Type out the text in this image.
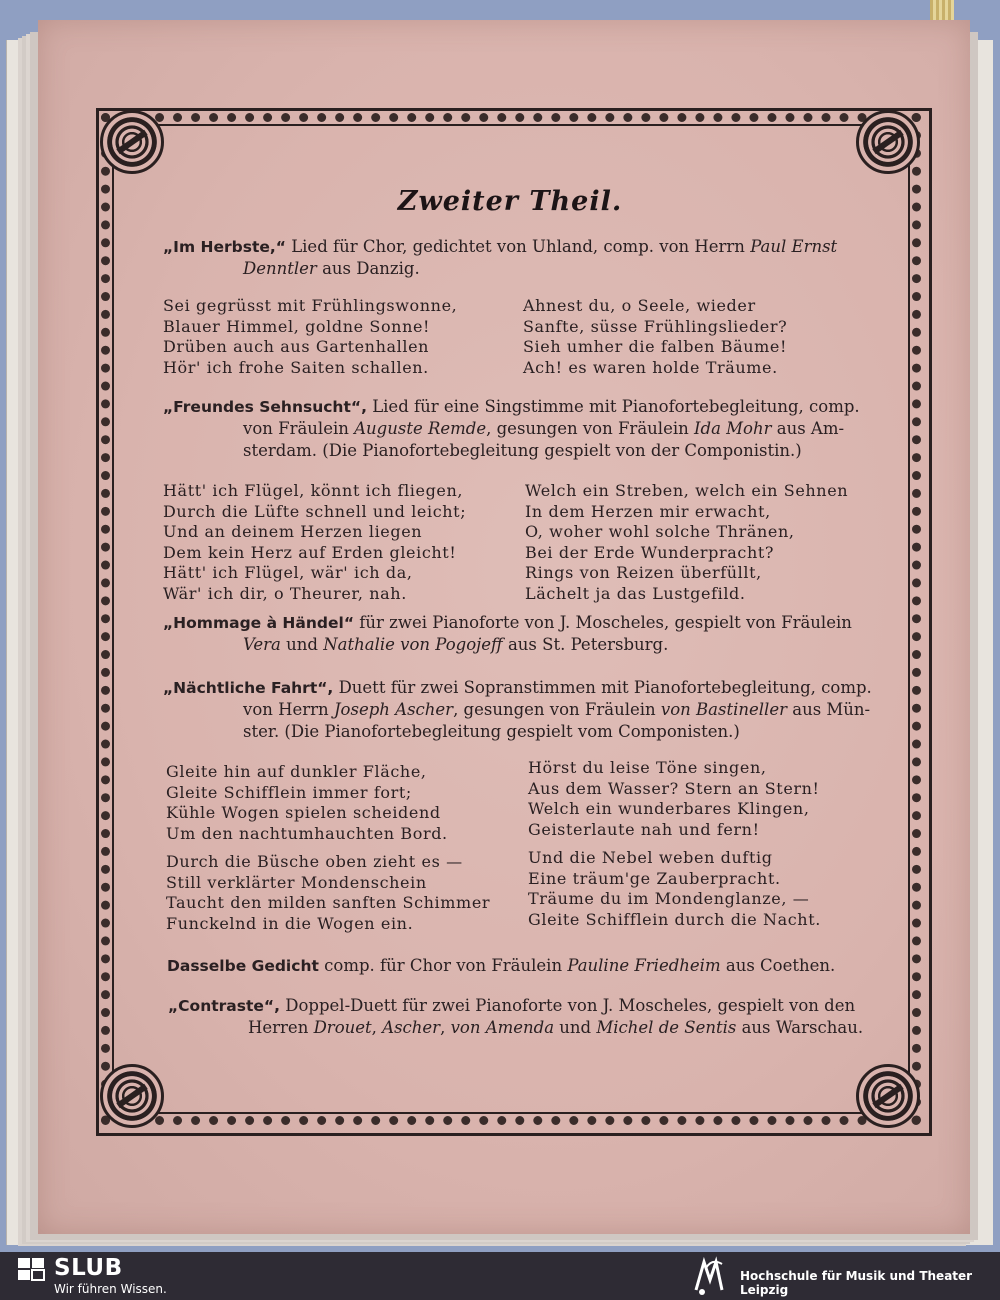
Zweiter Theil.
„Im Herbste,“ Lied für Chor, gedichtet von Uhland, comp. von Herrn Paul Ernst
Denntler aus Danzig.
Sei gegrüsst mit Frühlingswonne,
Blauer Himmel, goldne Sonne!
Drüben auch aus Gartenhallen
Hör' ich frohe Saiten schallen.
Ahnest du, o Seele, wieder
Sanfte, süsse Frühlingslieder?
Sieh umher die falben Bäume!
Ach! es waren holde Träume.
„Freundes Sehnsucht“, Lied für eine Singstimme mit Pianofortebegleitung, comp.
von Fräulein Auguste Remde, gesungen von Fräulein Ida Mohr aus Am-
sterdam. (Die Pianofortebegleitung gespielt von der Componistin.)
Hätt' ich Flügel, könnt ich fliegen,
Durch die Lüfte schnell und leicht;
Und an deinem Herzen liegen
Dem kein Herz auf Erden gleicht!
Hätt' ich Flügel, wär' ich da,
Wär' ich dir, o Theurer, nah.
Welch ein Streben, welch ein Sehnen
In dem Herzen mir erwacht,
O, woher wohl solche Thränen,
Bei der Erde Wunderpracht?
Rings von Reizen überfüllt,
Lächelt ja das Lustgefild.
„Hommage à Händel“ für zwei Pianoforte von J. Moscheles, gespielt von Fräulein
Vera und Nathalie von Pogojeff aus St. Petersburg.
„Nächtliche Fahrt“, Duett für zwei Sopranstimmen mit Pianofortebegleitung, comp.
von Herrn Joseph Ascher, gesungen von Fräulein von Bastineller aus Mün-
ster. (Die Pianofortebegleitung gespielt vom Componisten.)
Gleite hin auf dunkler Fläche,
Gleite Schifflein immer fort;
Kühle Wogen spielen scheidend
Um den nachtumhauchten Bord.
Hörst du leise Töne singen,
Aus dem Wasser? Stern an Stern!
Welch ein wunderbares Klingen,
Geisterlaute nah und fern!
Durch die Büsche oben zieht es —
Still verklärter Mondenschein
Taucht den milden sanften Schimmer
Funckelnd in die Wogen ein.
Und die Nebel weben duftig
Eine träum'ge Zauberpracht.
Träume du im Mondenglanze, —
Gleite Schifflein durch die Nacht.
Dasselbe Gedicht comp. für Chor von Fräulein Pauline Friedheim aus Coethen.
„Contraste“, Doppel-Duett für zwei Pianoforte von J. Moscheles, gespielt von den
Herren Drouet, Ascher, von Amenda und Michel de Sentis aus Warschau.
SLUB
Wir führen Wissen.
Hochschule für Musik und Theater Leipzig
